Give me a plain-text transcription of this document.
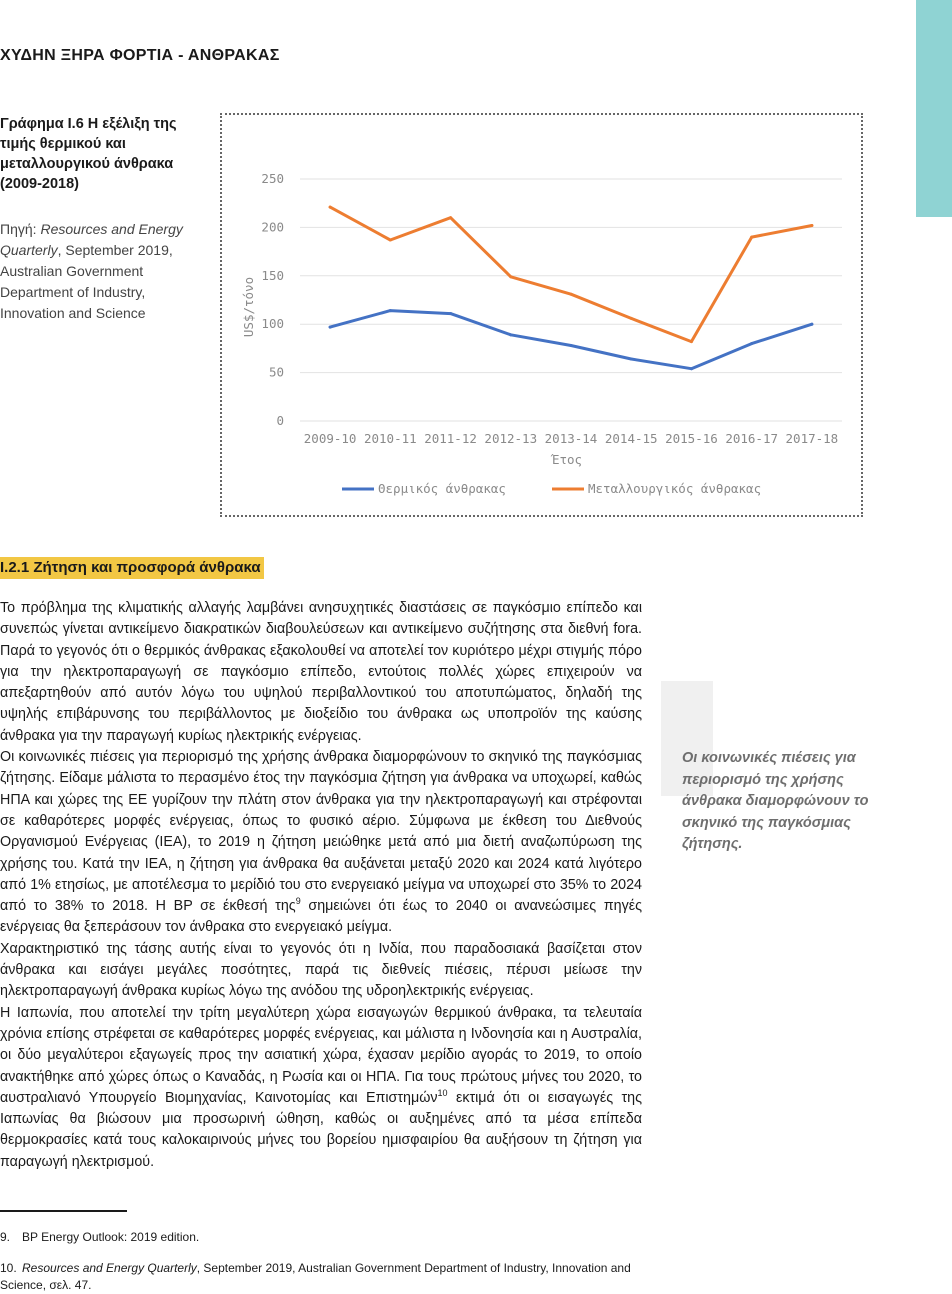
ΧΥΔΗΝ ΞΗΡΑ ΦΟΡΤΙΑ - ΑΝΘΡΑΚΑΣ
Γράφημα Ι.6 Η εξέλιξη της τιμής θερμικού και μεταλλουργικού άνθρακα (2009-2018)
Πηγή: Resources and Energy Quarterly, September 2019, Australian Government Department of Industry, Innovation and Science
0
50
100
150
200
250
2009-10 2010-11 2011-12 2012-13 2013-14 2014-15 2015-16 2016-17 2017-18
US$/τόνο
Έτος
Θερμικός άνθρακας	Μεταλλουργικός άνθρακας
Ι.2.1 Ζήτηση και προσφορά άνθρακα

Το πρόβλημα της κλιματικής αλλαγής λαμβάνει ανησυχητικές διαστάσεις σε παγκόσμιο επίπεδο και συνεπώς γίνεται αντικείμενο διακρατικών διαβουλεύσεων και αντικείμενο συζήτησης στα διεθνή fora. Παρά το γεγονός ότι ο θερμικός άνθρακας εξακολουθεί να αποτελεί τον κυριότερο μέχρι στιγμής πόρο για την ηλεκτροπαραγωγή σε παγκόσμιο επίπεδο, εντούτοις πολλές χώρες επιχειρούν να απεξαρτηθούν από αυτόν λόγω του υψηλού περιβαλλοντικού του αποτυπώματος, δηλαδή της υψηλής επιβάρυνσης του περιβάλλοντος με διοξείδιο του άνθρακα ως υποπροϊόν της καύσης άνθρακα για την παραγωγή κυρίως ηλεκτρικής ενέργειας.

Οι κοινωνικές πιέσεις για περιορισμό της χρήσης άνθρακα διαμορφώνουν το σκηνικό της παγκόσμιας ζήτησης. Είδαμε μάλιστα το περασμένο έτος την παγκόσμια ζήτηση για άνθρακα να υποχωρεί, καθώς ΗΠΑ και χώρες της ΕΕ γυρίζουν την πλάτη στον άνθρακα για την ηλεκτροπαραγωγή και στρέφονται σε καθαρότερες μορφές ενέργειας, όπως το φυσικό αέριο. Σύμφωνα με έκθεση του Διεθνούς Οργανισμού Ενέργειας (ΙΕΑ), το 2019 η ζήτηση μειώθηκε μετά από μια διετή αναζωπύρωση της χρήσης του. Κατά την ΙΕΑ, η ζήτηση για άνθρακα θα αυξάνεται μεταξύ 2020 και 2024 κατά λιγότερο από 1% ετησίως, με αποτέλεσμα το μερίδιό του στο ενεργειακό μείγμα να υποχωρεί στο 35% το 2024 από το 38% το 2018. Η BP σε έκθεσή της$^9$ σημειώνει ότι έως το 2040 οι ανανεώσιμες πηγές ενέργειας θα ξεπεράσουν τον άνθρακα στο ενεργειακό μείγμα.

Χαρακτηριστικό της τάσης αυτής είναι το γεγονός ότι η Ινδία, που παραδοσιακά βασίζεται στον άνθρακα και εισάγει μεγάλες ποσότητες, παρά τις διεθνείς πιέσεις, πέρυσι μείωσε την ηλεκτροπαραγωγή άνθρακα κυρίως λόγω της ανόδου της υδροηλεκτρικής ενέργειας.

Η Ιαπωνία, που αποτελεί την τρίτη μεγαλύτερη χώρα εισαγωγών θερμικού άνθρακα, τα τελευταία χρόνια επίσης στρέφεται σε καθαρότερες μορφές ενέργειας, και μάλιστα η Ινδονησία και η Αυστραλία, οι δύο μεγαλύτεροι εξαγωγείς προς την ασιατική χώρα, έχασαν μερίδιο αγοράς το 2019, το οποίο ανακτήθηκε από χώρες όπως ο Καναδάς, η Ρωσία και οι ΗΠΑ. Για τους πρώτους μήνες του 2020, το αυστραλιανό Υπουργείο Βιομηχανίας, Καινοτομίας και Επιστημών$^{10}$ εκτιμά ότι οι εισαγωγές της Ιαπωνίας θα βιώσουν μια προσωρινή ώθηση, καθώς οι αυξημένες από τα μέσα επίπεδα θερμοκρασίες κατά τους καλοκαιρινούς μήνες του βορείου ημισφαιρίου θα αυξήσουν τη ζήτηση για παραγωγή ηλεκτρισμού.

Οι κοινωνικές πιέσεις για περιορισμό της χρήσης άνθρακα διαμορφώνουν το σκηνικό της παγκόσμιας ζήτησης.
9. BP Energy Outlook: 2019 edition.
10. Resources and Energy Quarterly, September 2019, Australian Government Department of Industry, Innovation and Science, σελ. 47.
